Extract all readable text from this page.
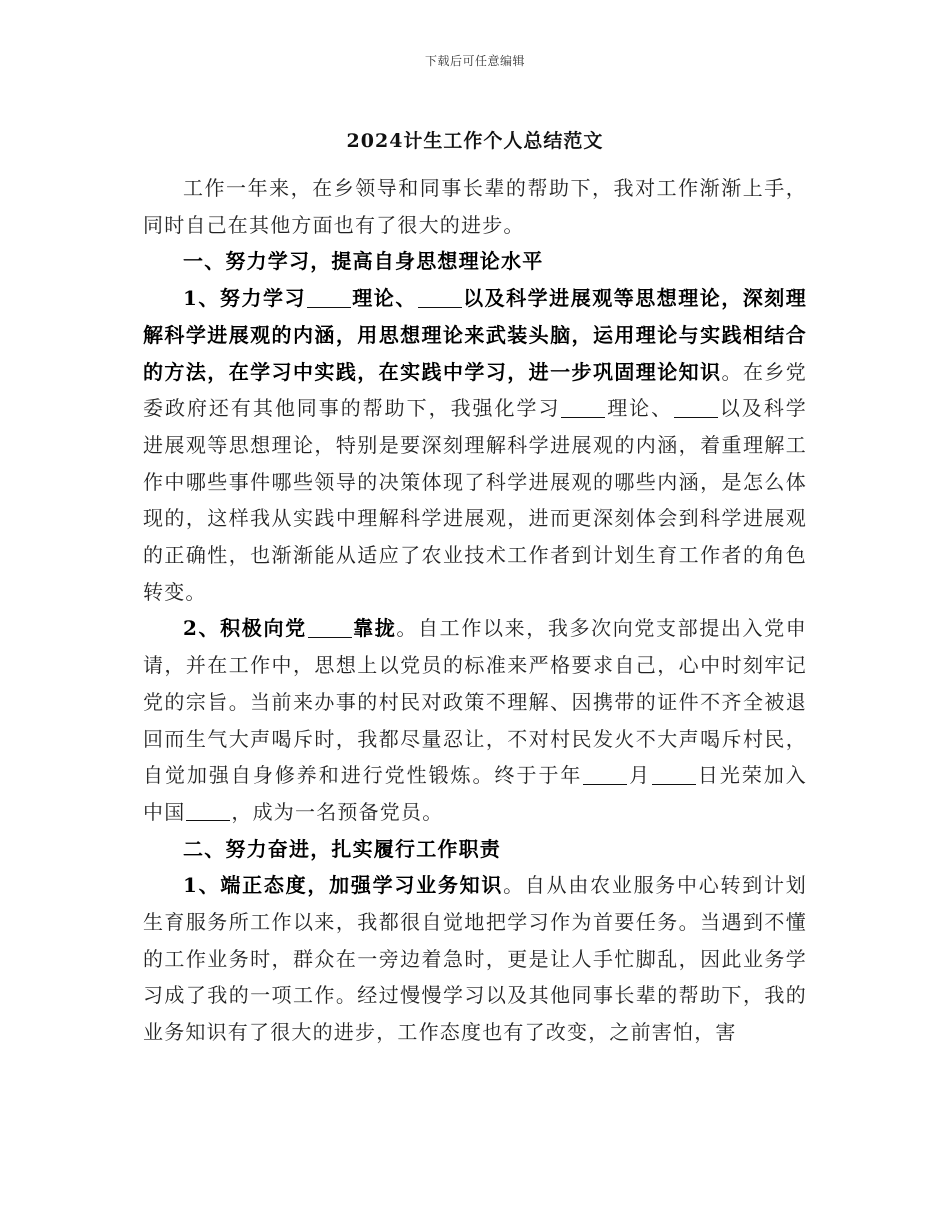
下载后可任意编辑
2024计生工作个人总结范文

工作一年来，在乡领导和同事长辈的帮助下，我对工作渐渐上手，同时自己在其他方面也有了很大的进步。

一、努力学习，提高自身思想理论水平

1、努力学习 理论、 以及科学进展观等思想理论，深刻理解科学进展观的内涵，用思想理论来武装头脑，运用理论与实践相结合的方法，在学习中实践，在实践中学习，进一步巩固理论知识。在乡党委政府还有其他同事的帮助下，我强化学习 理论、 以及科学进展观等思想理论，特别是要深刻理解科学进展观的内涵，着重理解工作中哪些事件哪些领导的决策体现了科学进展观的哪些内涵，是怎么体现的，这样我从实践中理解科学进展观，进而更深刻体会到科学进展观的正确性，也渐渐能从适应了农业技术工作者到计划生育工作者的角色转变。

2、积极向党 靠拢。自工作以来，我多次向党支部提出入党申请，并在工作中，思想上以党员的标准来严格要求自己，心中时刻牢记党的宗旨。当前来办事的村民对政策不理解、因携带的证件不齐全被退回而生气大声喝斥时，我都尽量忍让，不对村民发火不大声喝斥村民，自觉加强自身修养和进行党性锻炼。终于于年 月 日光荣加入中国 ，成为一名预备党员。

二、努力奋进，扎实履行工作职责

1、端正态度，加强学习业务知识。自从由农业服务中心转到计划生育服务所工作以来，我都很自觉地把学习作为首要任务。当遇到不懂的工作业务时，群众在一旁边着急时，更是让人手忙脚乱，因此业务学习成了我的一项工作。经过慢慢学习以及其他同事长辈的帮助下，我的业务知识有了很大的进步，工作态度也有了改变，之前害怕，害
